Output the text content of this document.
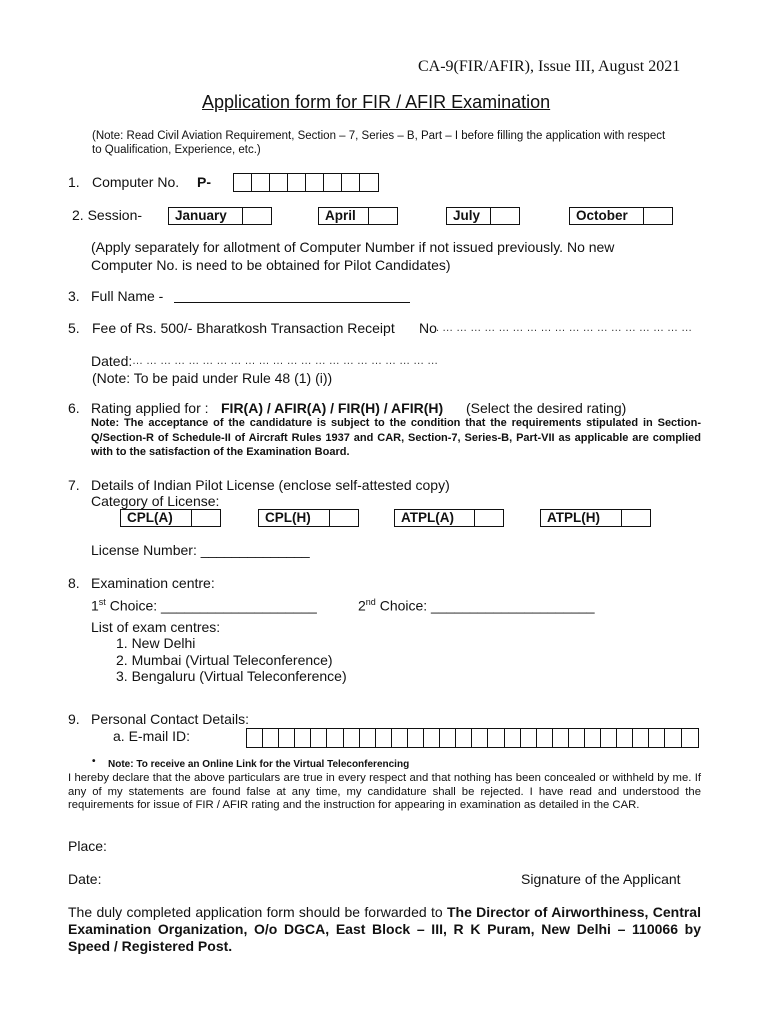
CA-9(FIR/AFIR), Issue III, August 2021
Application form for FIR / AFIR Examination
(Note: Read Civil Aviation Requirement, Section – 7, Series – B, Part – I before filling the application with respect to Qualification, Experience, etc.)
1. Computer No. P-
2. Session-	January	April	July	October
(Apply separately for allotment of Computer Number if not issued previously. No new Computer No. is need to be obtained for Pilot Candidates)
3. Full Name -
5. Fee of Rs. 500/- Bharatkosh Transaction Receipt No . … … … … … … … … … … … … … … … … … …
Dated: … … … … … … … … … … … … … … … … … … … … … …
(Note: To be paid under Rule 48 (1) (i))
6. Rating applied for : FIR(A) / AFIR(A) / FIR(H) / AFIR(H) (Select the desired rating)
Note: The acceptance of the candidature is subject to the condition that the requirements stipulated in Section-Q/Section-R of Schedule-II of Aircraft Rules 1937 and CAR, Section-7, Series-B, Part-VII as applicable are complied with to the satisfaction of the Examination Board.
7. Details of Indian Pilot License (enclose self-attested copy)
Category of License:
CPL(A)	CPL(H)	ATPL(A)	ATPL(H)
License Number: ______________
8. Examination centre:
1st Choice: ____________________	2nd Choice: _____________________
List of exam centres:
1. New Delhi
2. Mumbai (Virtual Teleconference)
3. Bengaluru (Virtual Teleconference)
9. Personal Contact Details:
a. E-mail ID:
• Note: To receive an Online Link for the Virtual Teleconferencing
I hereby declare that the above particulars are true in every respect and that nothing has been concealed or withheld by me. If any of my statements are found false at any time, my candidature shall be rejected. I have read and understood the requirements for issue of FIR / AFIR rating and the instruction for appearing in examination as detailed in the CAR.
Place:
Date:	Signature of the Applicant
The duly completed application form should be forwarded to The Director of Airworthiness, Central Examination Organization, O/o DGCA, East Block – III, R K Puram, New Delhi – 110066 by Speed / Registered Post.
